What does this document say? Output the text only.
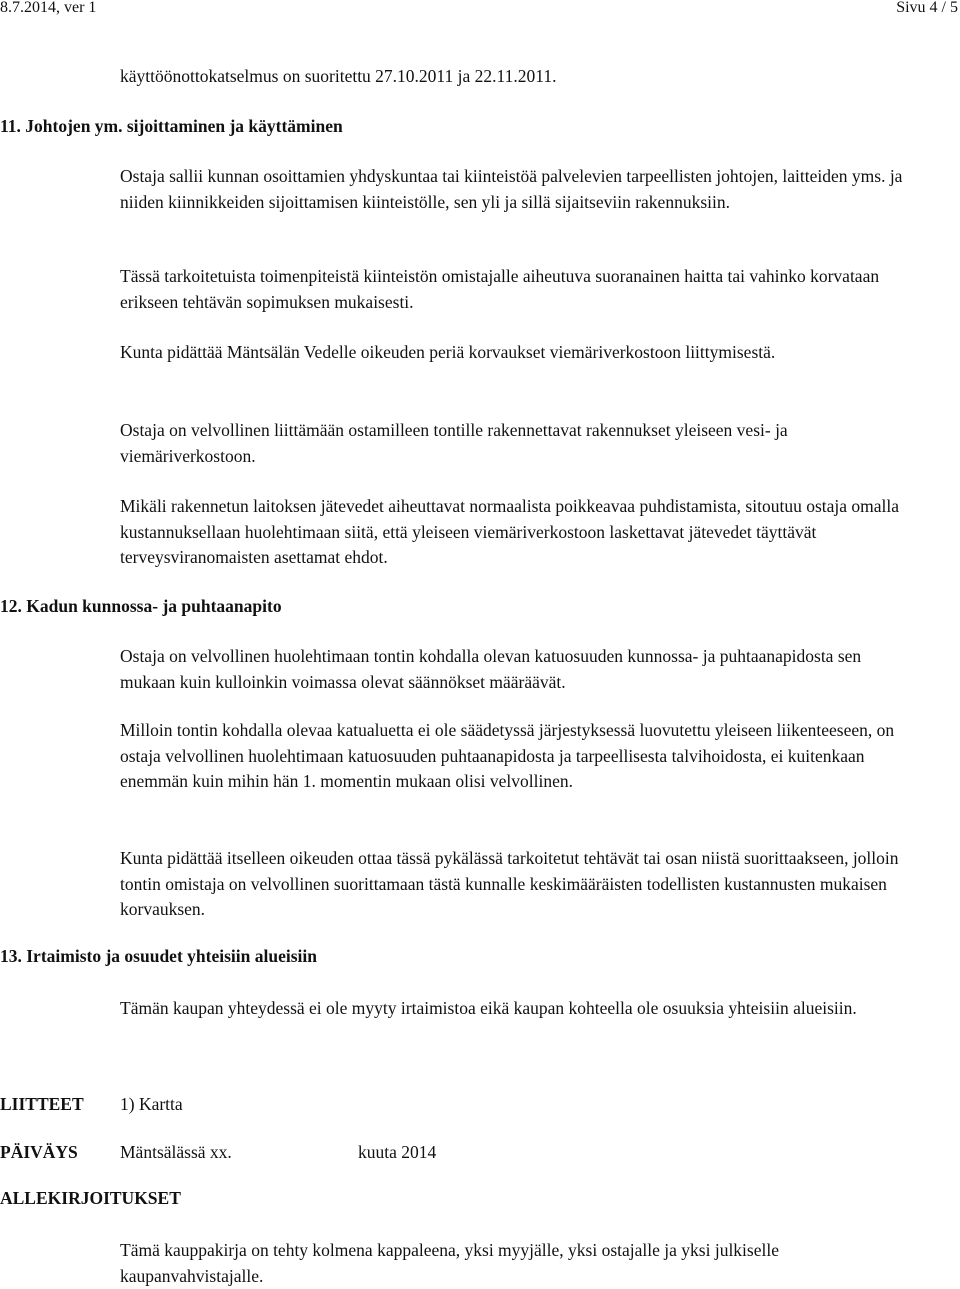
8.7.2014, ver 1	Sivu 4 / 5

käyttöönottokatselmus on suoritettu 27.10.2011 ja 22.11.2011.

11. Johtojen ym. sijoittaminen ja käyttäminen

Ostaja sallii kunnan osoittamien yhdyskuntaa tai kiinteistöä palvelevien tarpeellisten johtojen, laitteiden yms. ja niiden kiinnikkeiden sijoittamisen kiinteistölle, sen yli ja sillä sijaitseviin rakennuksiin.

Tässä tarkoitetuista toimenpiteistä kiinteistön omistajalle aiheutuva suoranainen haitta tai vahinko korvataan erikseen tehtävän sopimuksen mukaisesti.

Kunta pidättää Mäntsälän Vedelle oikeuden periä korvaukset viemäriverkostoon liittymisestä.

Ostaja on velvollinen liittämään ostamilleen tontille rakennettavat rakennukset yleiseen vesi- ja viemäriverkostoon.

Mikäli rakennetun laitoksen jätevedet aiheuttavat normaalista poikkeavaa puhdistamista, sitoutuu ostaja omalla kustannuksellaan huolehtimaan siitä, että yleiseen viemäriverkostoon laskettavat jätevedet täyttävät terveysviranomaisten asettamat ehdot.

12. Kadun kunnossa- ja puhtaanapito

Ostaja on velvollinen huolehtimaan tontin kohdalla olevan katuosuuden kunnossa- ja puhtaanapidosta sen mukaan kuin kulloinkin voimassa olevat säännökset määräävät.

Milloin tontin kohdalla olevaa katualuetta ei ole säädetyssä järjestyksessä luovutettu yleiseen liikenteeseen, on ostaja velvollinen huolehtimaan katuosuuden puhtaanapidosta ja tarpeellisesta talvihoidosta, ei kuitenkaan enemmän kuin mihin hän 1. momentin mukaan olisi velvollinen.

Kunta pidättää itselleen oikeuden ottaa tässä pykälässä tarkoitetut tehtävät tai osan niistä suorittaakseen, jolloin tontin omistaja on velvollinen suorittamaan tästä kunnalle keskimääräisten todellisten kustannusten mukaisen korvauksen.

13. Irtaimisto ja osuudet yhteisiin alueisiin

Tämän kaupan yhteydessä ei ole myyty irtaimistoa eikä kaupan kohteella ole osuuksia yhteisiin alueisiin.

LIITTEET 1) Kartta
PÄIVÄYS Mäntsälässä xx.	kuuta 2014
ALLEKIRJOITUKSET

Tämä kauppakirja on tehty kolmena kappaleena, yksi myyjälle, yksi ostajalle ja yksi julkiselle kaupanvahvistajalle.
